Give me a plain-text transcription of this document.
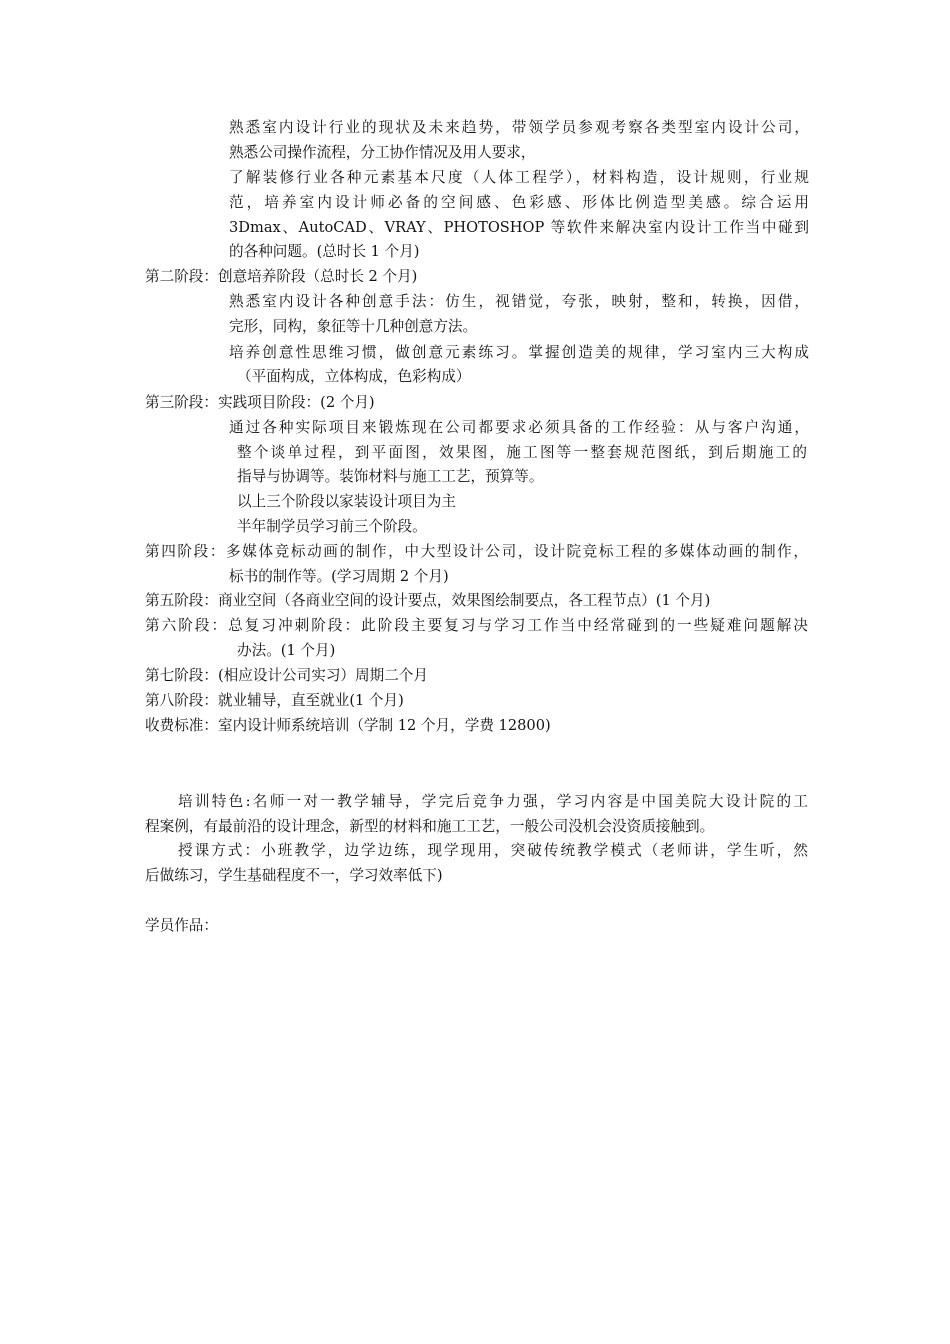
熟悉室内设计行业的现状及未来趋势，带领学员参观考察各类型室内设计公司，
熟悉公司操作流程，分工协作情况及用人要求，
了解装修行业各种元素基本尺度（人体工程学），材料构造，设计规则，行业规
范，培养室内设计师必备的空间感、色彩感、形体比例造型美感。综合运用
3Dmax、AutoCAD、VRAY、PHOTOSHOP 等软件来解决室内设计工作当中碰到
的各种问题。(总时长 1 个月)
第二阶段：创意培养阶段（总时长 2 个月)
熟悉室内设计各种创意手法：仿生，视错觉，夸张，映射，整和，转换，因借，
完形，同构，象征等十几种创意方法。
培养创意性思维习惯，做创意元素练习。掌握创造美的规律，学习室内三大构成
（平面构成，立体构成，色彩构成）
第三阶段：实践项目阶段：(2 个月)
通过各种实际项目来锻炼现在公司都要求必须具备的工作经验：从与客户沟通，
整个谈单过程，到平面图，效果图，施工图等一整套规范图纸，到后期施工的
指导与协调等。装饰材料与施工工艺，预算等。
以上三个阶段以家装设计项目为主
半年制学员学习前三个阶段。
第四阶段：多媒体竞标动画的制作，中大型设计公司，设计院竞标工程的多媒体动画的制作，
标书的制作等。(学习周期 2 个月)
第五阶段：商业空间（各商业空间的设计要点，效果图绘制要点，各工程节点）(1 个月)
第六阶段：总复习冲刺阶段：此阶段主要复习与学习工作当中经常碰到的一些疑难问题解决
办法。(1 个月)
第七阶段：(相应设计公司实习）周期二个月
第八阶段：就业辅导，直至就业(1 个月)
收费标准：室内设计师系统培训（学制 12 个月，学费 12800)
培训特色:名师一对一教学辅导，学完后竞争力强，学习内容是中国美院大设计院的工
程案例，有最前沿的设计理念，新型的材料和施工工艺，一般公司没机会没资质接触到。
授课方式：小班教学，边学边练，现学现用，突破传统教学模式（老师讲，学生听，然
后做练习，学生基础程度不一，学习效率低下)
学员作品：
